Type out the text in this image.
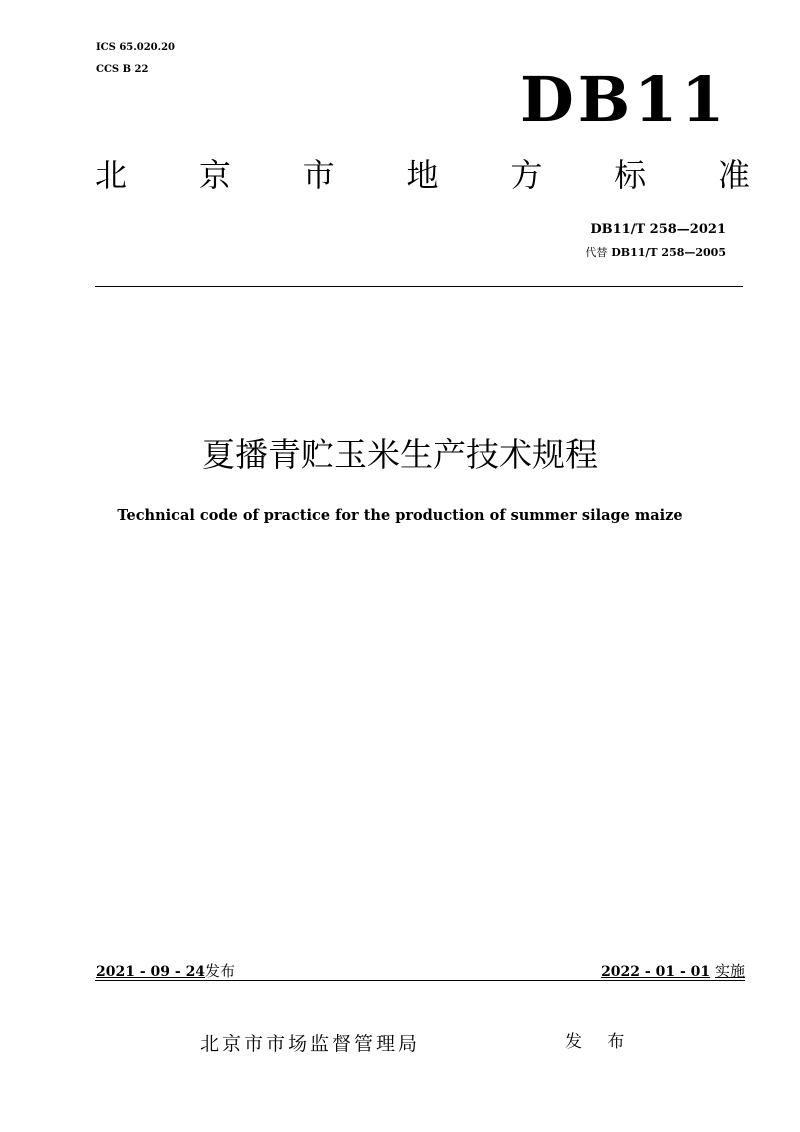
ICS 65.020.20
CCS B 22	DB11
北 京 市 地 方 标 准
DB11/T 258—2021
代替 DB11/T 258—2005
夏播青贮玉米生产技术规程
Technical code of practice for the production of summer silage maize
2021 - 09 - 24发布	2022 - 01 - 01 实施
北京市市场监督管理局	发 布
